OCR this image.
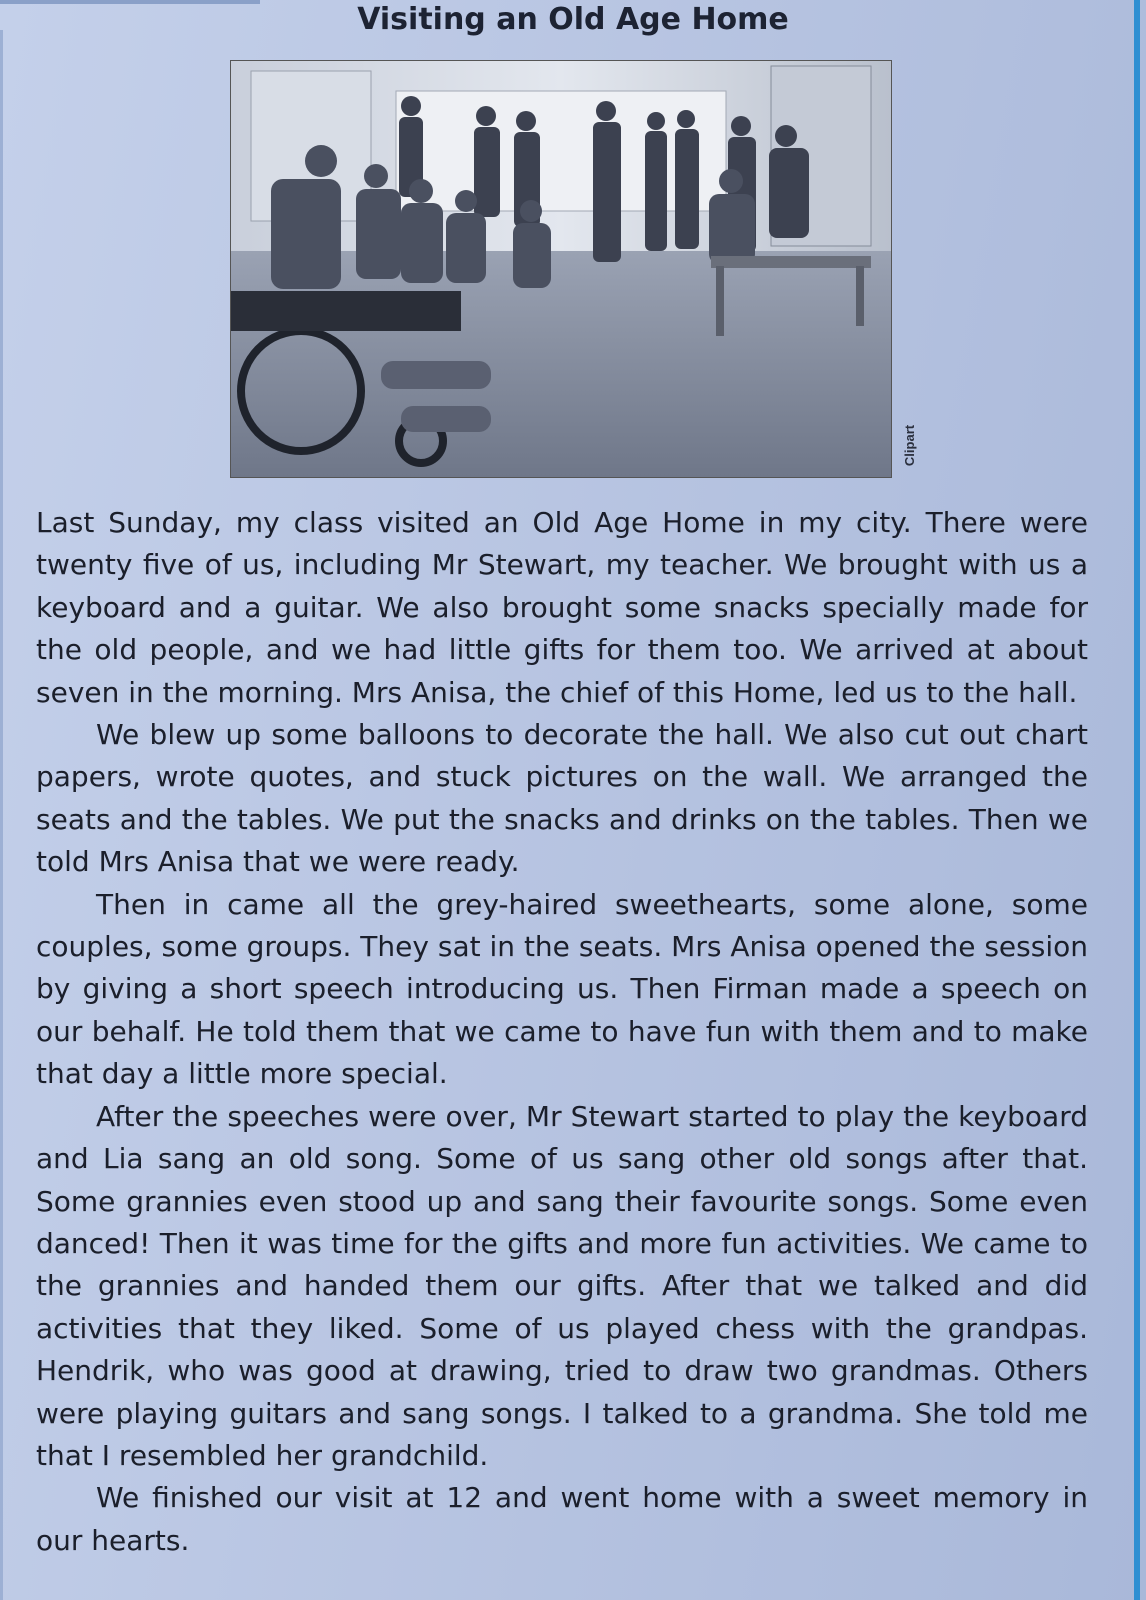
Visiting an Old Age Home
Clipart

Last Sunday, my class visited an Old Age Home in my city. There were twenty five of us, including Mr Stewart, my teacher. We brought with us a keyboard and a guitar. We also brought some snacks specially made for the old people, and we had little gifts for them too. We arrived at about seven in the morning. Mrs Anisa, the chief of this Home, led us to the hall.

We blew up some balloons to decorate the hall. We also cut out chart papers, wrote quotes, and stuck pictures on the wall. We arranged the seats and the tables. We put the snacks and drinks on the tables. Then we told Mrs Anisa that we were ready.

Then in came all the grey-haired sweethearts, some alone, some couples, some groups. They sat in the seats. Mrs Anisa opened the session by giving a short speech introducing us. Then Firman made a speech on our behalf. He told them that we came to have fun with them and to make that day a little more special.

After the speeches were over, Mr Stewart started to play the keyboard and Lia sang an old song. Some of us sang other old songs after that. Some grannies even stood up and sang their favourite songs. Some even danced! Then it was time for the gifts and more fun activities. We came to the grannies and handed them our gifts. After that we talked and did activities that they liked. Some of us played chess with the grandpas. Hendrik, who was good at drawing, tried to draw two grandmas. Others were playing guitars and sang songs. I talked to a grandma. She told me that I resembled her grandchild.

We finished our visit at 12 and went home with a sweet memory in our hearts.
